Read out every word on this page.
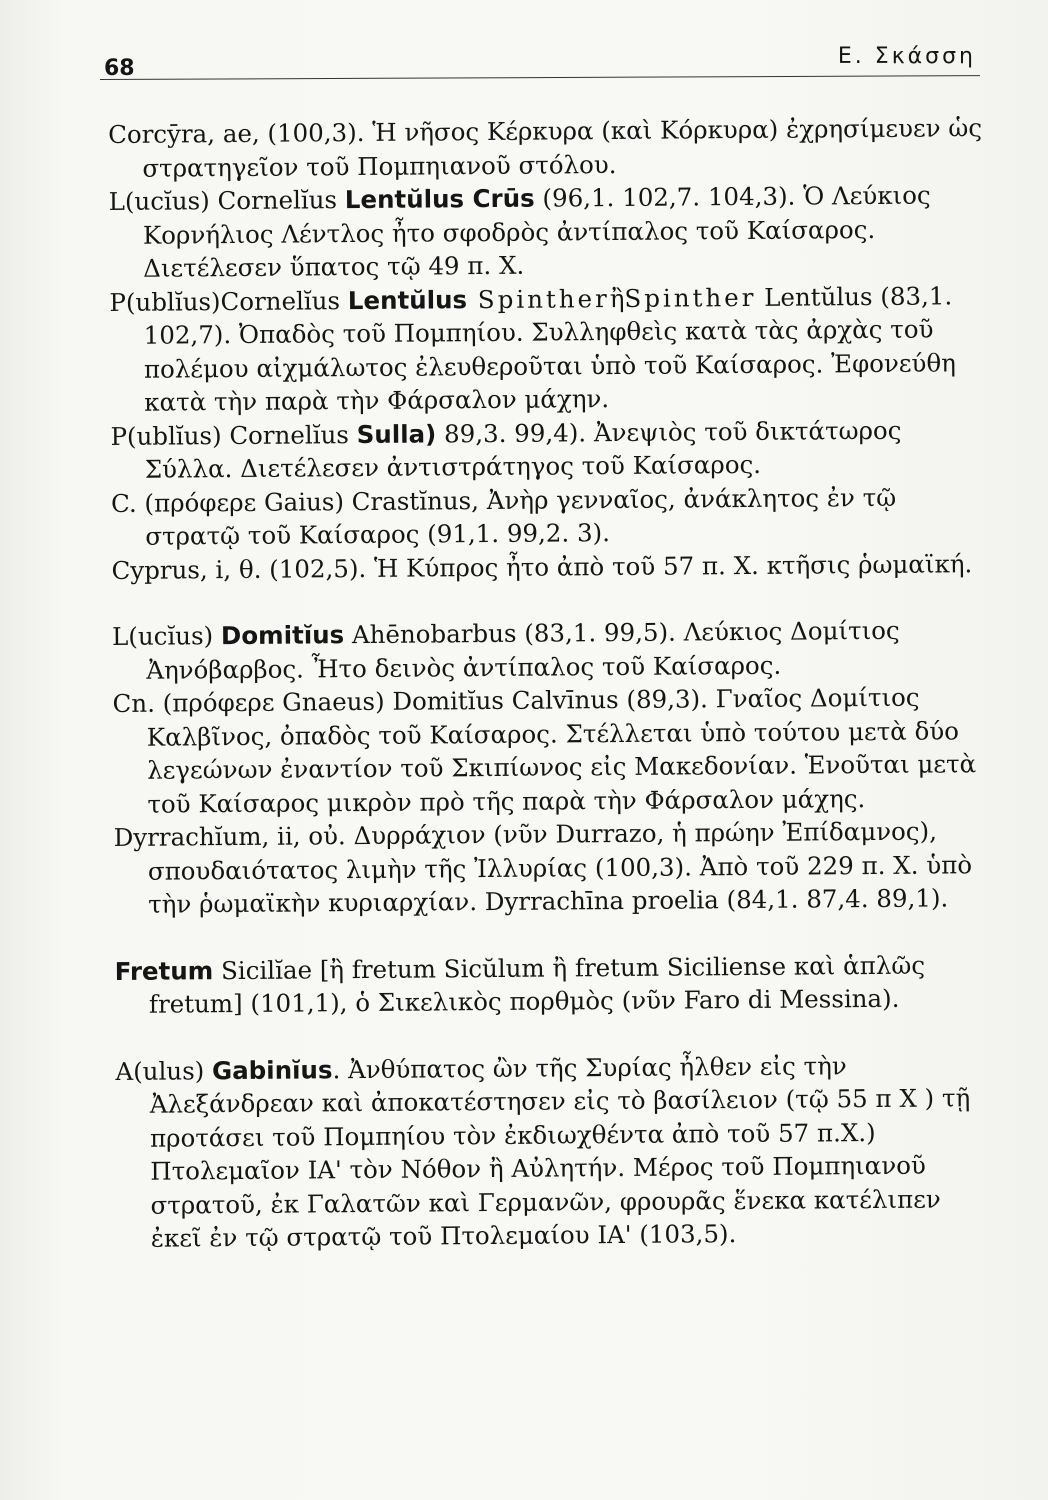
68	Ε. Σκάσση

Corcȳra, ae, (100,3). Ἡ νῆσος Κέρκυρα (καὶ Κόρκυρα) ἐχρησίμευεν ὡς στρατηγεῖον τοῦ Πομπηιανοῦ στόλου.

L(ucĭus) Cornelĭus Lentŭlus Crūs (96,1. 102,7. 104,3). Ὁ Λεύκιος Κορνήλιος Λέντλος ἦτο σφοδρὸς ἀντίπαλος τοῦ Καίσαρος. Διετέλεσεν ὕπατος τῷ 49 π. Χ.

P(ublĭus)Cornelĭus Lentŭlus SpintherἢSpinther Lentŭlus (83,1. 102,7). Ὀπαδὸς τοῦ Πομπηίου. Συλληφθεὶς κατὰ τὰς ἀρχὰς τοῦ πολέμου αἰχμάλωτος ἐλευθεροῦται ὑπὸ τοῦ Καίσαρος. Ἐφονεύθη κατὰ τὴν παρὰ τὴν Φάρσαλον μάχην.

P(ublĭus) Cornelĭus Sulla) 89,3. 99,4). Ἀνεψιὸς τοῦ δικτάτωρος Σύλλα. Διετέλεσεν ἀντιστράτηγος τοῦ Καίσαρος.

C. (πρόφερε Gaius) Crastĭnus, Ἀνὴρ γενναῖος, ἀνάκλητος ἐν τῷ στρατῷ τοῦ Καίσαρος (91,1. 99,2. 3).

Cyprus, i, θ. (102,5). Ἡ Κύπρος ἦτο ἀπὸ τοῦ 57 π. Χ. κτῆσις ῥωμαϊκή.

L(ucĭus) Domitĭus Ahēnobarbus (83,1. 99,5). Λεύκιος Δομίτιος Ἀηνόβαρβος. Ἦτο δεινὸς ἀντίπαλος τοῦ Καίσαρος.

Cn. (πρόφερε Gnaeus) Domitĭus Calvīnus (89,3). Γναῖος Δομίτιος Καλβῖνος, ὀπαδὸς τοῦ Καίσαρος. Στέλλεται ὑπὸ τούτου μετὰ δύο λεγεώνων ἐναντίον τοῦ Σκιπίωνος εἰς Μακεδονίαν. Ἑνοῦται μετὰ τοῦ Καίσαρος μικρὸν πρὸ τῆς παρὰ τὴν Φάρσαλον μάχης.

Dyrrachĭum, ii, οὐ. Δυρράχιον (νῦν Durrazo, ἡ πρώην Ἐπίδαμνος), σπουδαιότατος λιμὴν τῆς Ἰλλυρίας (100,3). Ἀπὸ τοῦ 229 π. Χ. ὑπὸ τὴν ῥωμαϊκὴν κυριαρχίαν. Dyrrachīna proelia (84,1. 87,4. 89,1).

Fretum Sicilĭae [ἢ fretum Sicŭlum ἢ fretum Siciliense καὶ ἁπλῶς fretum] (101,1), ὁ Σικελικὸς πορθμὸς (νῦν Faro di Messina).

A(ulus) Gabinĭus. Ἀνθύπατος ὢν τῆς Συρίας ἦλθεν εἰς τὴν Ἀλεξάνδρεαν καὶ ἀποκατέστησεν εἰς τὸ βασίλειον (τῷ 55 π Χ ) τῇ προτάσει τοῦ Πομπηίου τὸν ἐκδιωχθέντα ἀπὸ τοῦ 57 π.Χ.) Πτολεμαῖον ΙΑ' τὸν Νόθον ἢ Αὐλητήν. Μέρος τοῦ Πομπηιανοῦ στρατοῦ, ἐκ Γαλατῶν καὶ Γερμανῶν, φρουρᾶς ἕνεκα κατέλιπεν ἐκεῖ ἐν τῷ στρατῷ τοῦ Πτολεμαίου ΙΑ' (103,5).
